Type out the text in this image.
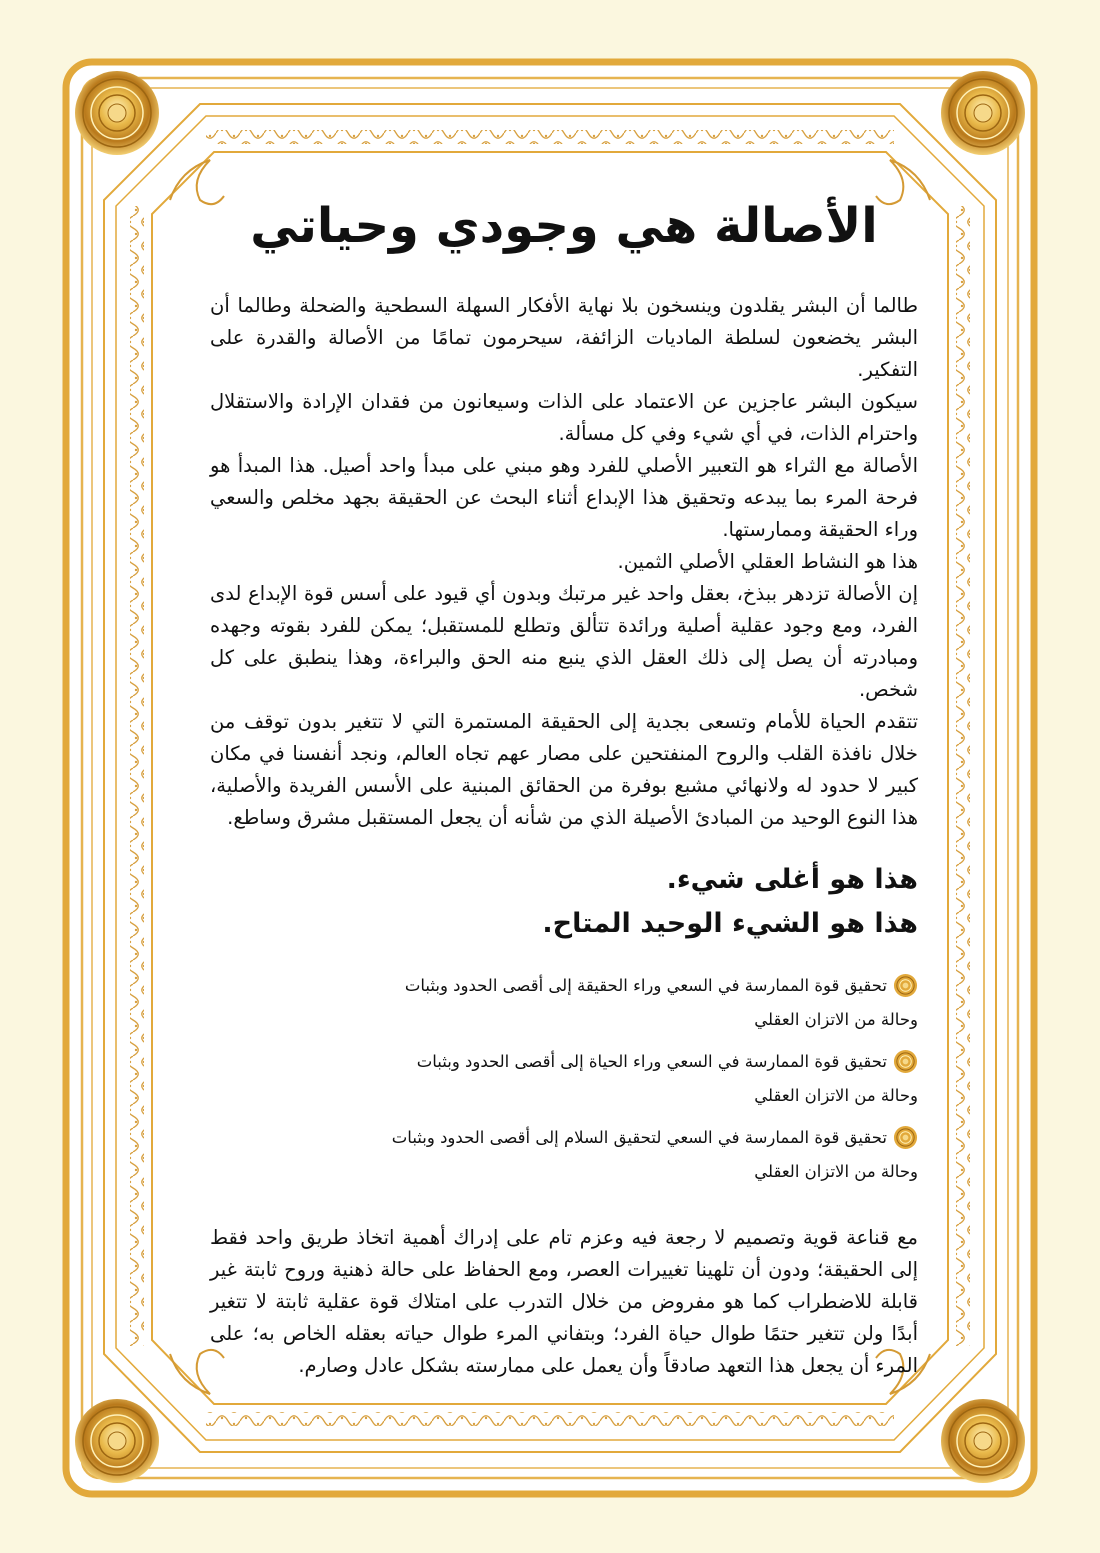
الأصالة هي وجودي وحياتي

طالما أن البشر يقلدون وينسخون بلا نهاية الأفكار السهلة السطحية والضحلة وطالما أن البشر يخضعون لسلطة الماديات الزائفة، سيحرمون تمامًا من الأصالة والقدرة على التفكير.

سيكون البشر عاجزين عن الاعتماد على الذات وسيعانون من فقدان الإرادة والاستقلال واحترام الذات، في أي شيء وفي كل مسألة.

الأصالة مع الثراء هو التعبير الأصلي للفرد وهو مبني على مبدأ واحد أصيل. هذا المبدأ هو فرحة المرء بما يبدعه وتحقيق هذا الإبداع أثناء البحث عن الحقيقة بجهد مخلص والسعي وراء الحقيقة وممارستها.

هذا هو النشاط العقلي الأصلي الثمين.

إن الأصالة تزدهر ببذخ، بعقل واحد غير مرتبك وبدون أي قيود على أسس قوة الإبداع لدى الفرد، ومع وجود عقلية أصلية ورائدة تتألق وتطلع للمستقبل؛ يمكن للفرد بقوته وجهده ومبادرته أن يصل إلى ذلك العقل الذي ينبع منه الحق والبراءة، وهذا ينطبق على كل شخص.

تتقدم الحياة للأمام وتسعى بجدية إلى الحقيقة المستمرة التي لا تتغير بدون توقف من خلال نافذة القلب والروح المنفتحين على مصار عهم تجاه العالم، ونجد أنفسنا في مكان كبير لا حدود له ولانهائي مشبع بوفرة من الحقائق المبنية على الأسس الفريدة والأصلية، هذا النوع الوحيد من المبادئ الأصيلة الذي من شأنه أن يجعل المستقبل مشرق وساطع.

هذا هو أغلى شيء.

هذا هو الشيء الوحيد المتاح.

تحقيق قوة الممارسة في السعي وراء الحقيقة إلى أقصى الحدود وبثبات
وحالة من الاتزان العقلي
تحقيق قوة الممارسة في السعي وراء الحياة إلى أقصى الحدود وبثبات
وحالة من الاتزان العقلي
تحقيق قوة الممارسة في السعي لتحقيق السلام إلى أقصى الحدود وبثبات
وحالة من الاتزان العقلي

مع قناعة قوية وتصميم لا رجعة فيه وعزم تام على إدراك أهمية اتخاذ طريق واحد فقط إلى الحقيقة؛ ودون أن تلهينا تغييرات العصر، ومع الحفاظ على حالة ذهنية وروح ثابتة غير قابلة للاضطراب كما هو مفروض من خلال التدرب على امتلاك قوة عقلية ثابتة لا تتغير أبدًا ولن تتغير حتمًا طوال حياة الفرد؛ وبتفاني المرء طوال حياته بعقله الخاص به؛ على المرء أن يجعل هذا التعهد صادقاً وأن يعمل على ممارسته بشكل عادل وصارم.
